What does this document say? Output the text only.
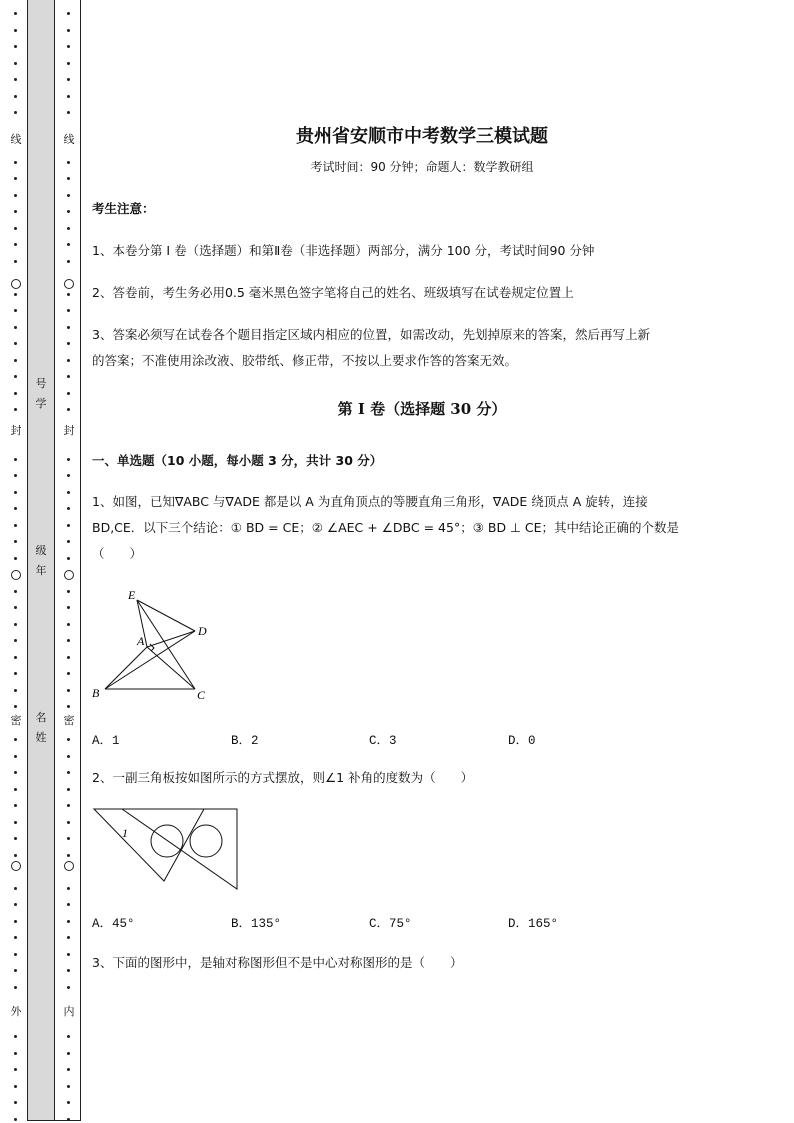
线
封
密
外
线
封
密
内
号
学
级
年
名
姓
贵州省安顺市中考数学三模试题
考试时间：90 分钟；命题人：数学教研组
考生注意：
1、本卷分第 I 卷（选择题）和第Ⅱ卷（非选择题）两部分，满分 100 分，考试时间90 分钟
2、答卷前，考生务必用0.5 毫米黑色签字笔将自己的姓名、班级填写在试卷规定位置上
3、答案必须写在试卷各个题目指定区域内相应的位置，如需改动，先划掉原来的答案，然后再写上新
的答案；不准使用涂改液、胶带纸、修正带，不按以上要求作答的答案无效。
第 I 卷（选择题 30 分）
一、单选题（10 小题，每小题 3 分，共计 30 分）
1、如图，已知∇ABC 与∇ADE 都是以 A 为直角顶点的等腰直角三角形，∇ADE 绕顶点 A 旋转，连接
BD,CE．以下三个结论：① BD = CE；② ∠AEC + ∠DBC = 45°；③ BD ⊥ CE；其中结论正确的个数是
（　　）
E
A
D
B	C
A．1	B．2	C．3	D．0
2、一副三角板按如图所示的方式摆放，则∠1 补角的度数为（　　）
1
A．45°	B．135°	C．75°	D．165°
3、下面的图形中，是轴对称图形但不是中心对称图形的是（　　）
